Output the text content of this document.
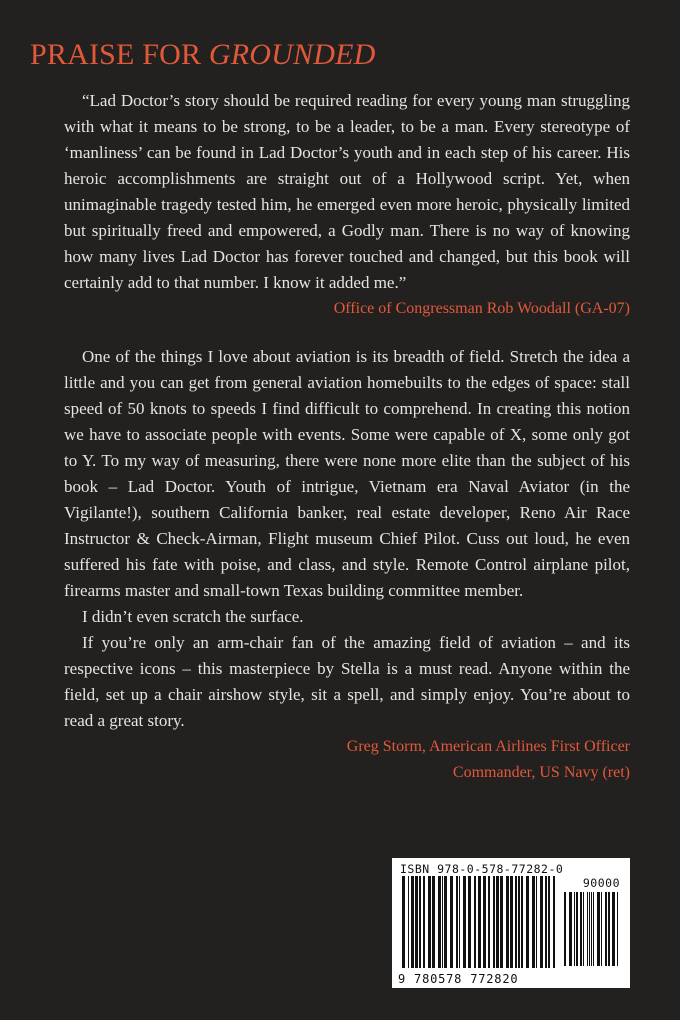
PRAISE FOR GROUNDED

“Lad Doctor’s story should be required reading for every young man struggling with what it means to be strong, to be a leader, to be a man. Every stereotype of ‘manliness’ can be found in Lad Doctor’s youth and in each step of his career. His heroic accomplishments are straight out of a Hollywood script. Yet, when unimaginable tragedy tested him, he emerged even more heroic, physically limited but spiritually freed and empowered, a Godly man. There is no way of knowing how many lives Lad Doctor has forever touched and changed, but this book will certainly add to that number. I know it added me.”

Office of Congressman Rob Woodall (GA-07)

One of the things I love about aviation is its breadth of field. Stretch the idea a little and you can get from general aviation homebuilts to the edges of space: stall speed of 50 knots to speeds I find difficult to comprehend. In creating this notion we have to associate people with events. Some were capable of X, some only got to Y. To my way of measuring, there were none more elite than the subject of his book – Lad Doctor. Youth of intrigue, Vietnam era Naval Aviator (in the Vigilante!), southern California banker, real estate developer, Reno Air Race Instructor & Check-Airman, Flight museum Chief Pilot. Cuss out loud, he even suffered his fate with poise, and class, and style. Remote Control airplane pilot, firearms master and small-town Texas building committee member.

I didn’t even scratch the surface.

If you’re only an arm-chair fan of the amazing field of aviation – and its respective icons – this masterpiece by Stella is a must read. Anyone within the field, set up a chair airshow style, sit a spell, and simply enjoy. You’re about to read a great story.

Greg Storm, American Airlines First Officer

Commander, US Navy (ret)

ISBN 978-0-578-77282-0
90000
9 780578 772820
